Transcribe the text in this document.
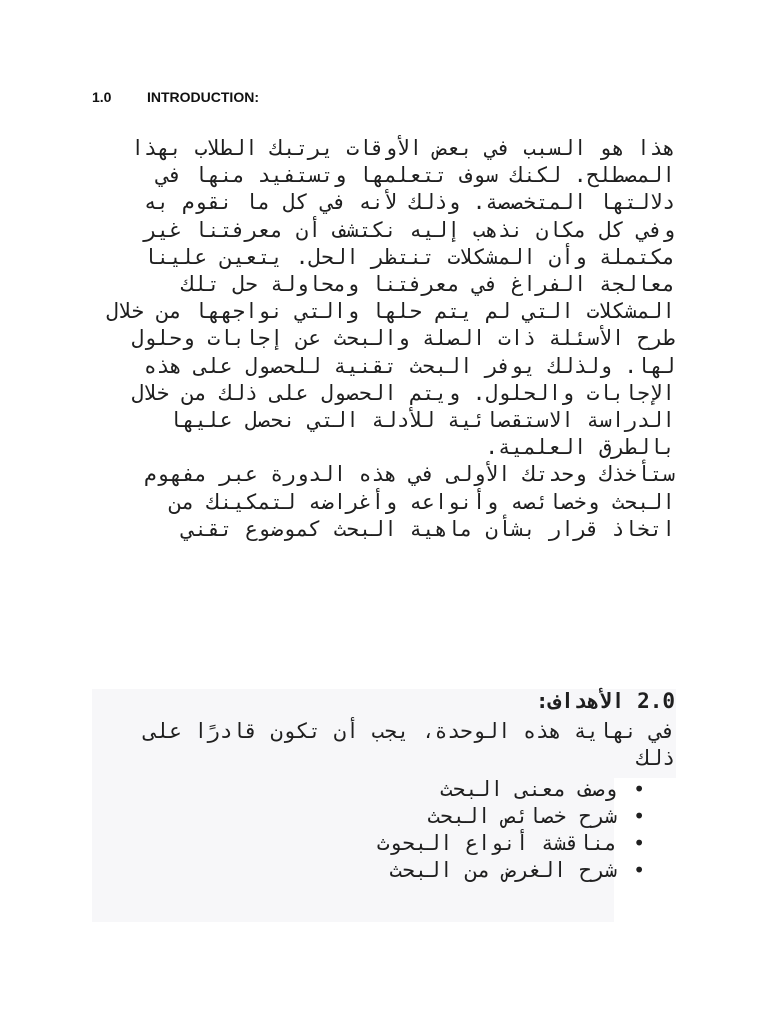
1.0	INTRODUCTION:

هذا هو السبب في بعض الأوقات يرتبك الطلاب بهذا المصطلح. لكنك سوف تتعلمها وتستفيد منها في دلالتها المتخصصة. وذلك لأنه في كل ما نقوم به وفي كل مكان نذهب إليه نكتشف أن معرفتنا غير مكتملة وأن المشكلات تنتظر الحل. يتعين علينا معالجة الفراغ في معرفتنا ومحاولة حل تلك المشكلات التي لم يتم حلها والتي نواجهها من خلال طرح الأسئلة ذات الصلة والبحث عن إجابات وحلول لها. ولذلك يوفر البحث تقنية للحصول على هذه الإجابات والحلول. ويتم الحصول على ذلك من خلال الدراسة الاستقصائية للأدلة التي نحصل عليها بالطرق العلمية.

ستأخذك وحدتك الأولى في هذه الدورة عبر مفهوم البحث وخصائصه وأنواعه وأغراضه لتمكينك من اتخاذ قرار بشأن ماهية البحث كموضوع تقني

2.0 الأهداف:

في نهاية هذه الوحدة، يجب أن تكون قادرًا على ذلك

•
وصف معنى البحث
•
شرح خصائص البحث
•
مناقشة أنواع البحوث
•
شرح الغرض من البحث
